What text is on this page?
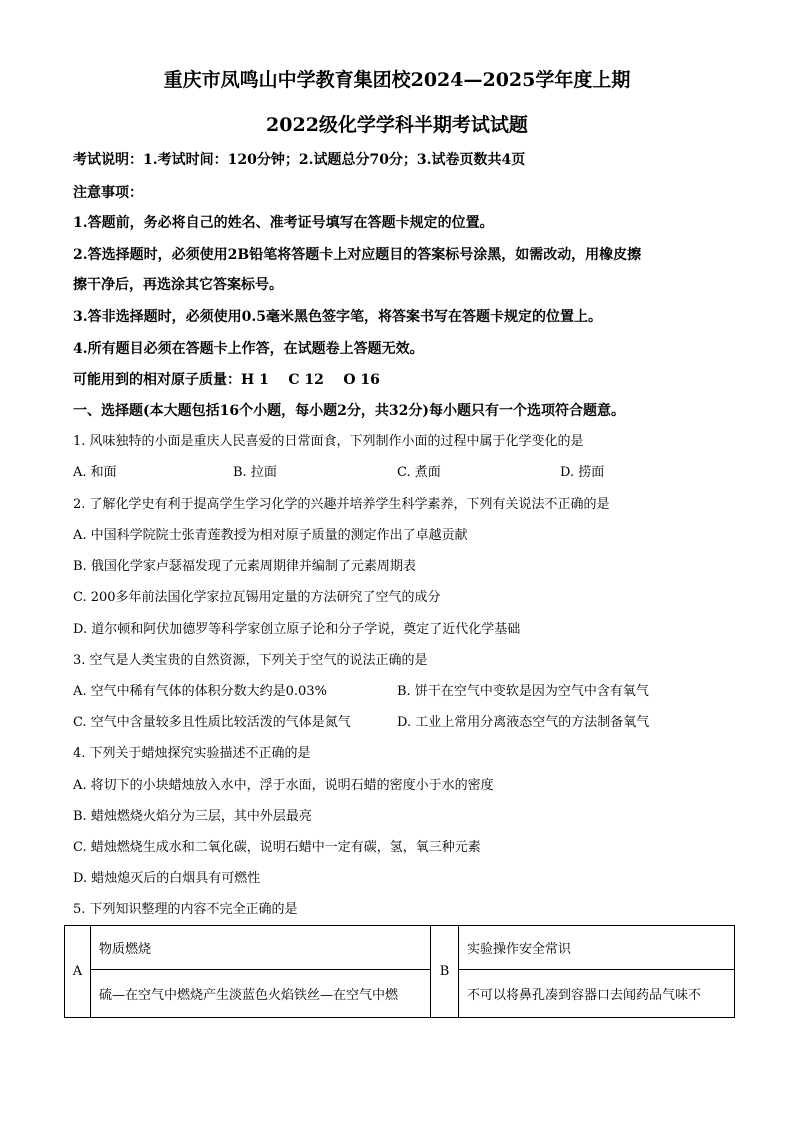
重庆市凤鸣山中学教育集团校2024—2025学年度上期
2022级化学学科半期考试试题
考试说明：1.考试时间：120分钟；2.试题总分70分；3.试卷页数共4页
注意事项：
1.答题前，务必将自己的姓名、准考证号填写在答题卡规定的位置。
2.答选择题时，必须使用2B铅笔将答题卡上对应题目的答案标号涂黑，如需改动，用橡皮擦
擦干净后，再选涂其它答案标号。
3.答非选择题时，必须使用0.5毫米黑色签字笔，将答案书写在答题卡规定的位置上。
4.所有题目必须在答题卡上作答，在试题卷上答题无效。
可能用到的相对原子质量：H 1    C 12    O 16
一、选择题(本大题包括16个小题，每小题2分，共32分)每小题只有一个选项符合题意。
1. 风味独特的小面是重庆人民喜爱的日常面食，下列制作小面的过程中属于化学变化的是
A. 和面	B. 拉面	C. 煮面	D. 捞面
2. 了解化学史有利于提高学生学习化学的兴趣并培养学生科学素养，下列有关说法不正确的是
A. 中国科学院院士张青莲教授为相对原子质量的测定作出了卓越贡献
B. 俄国化学家卢瑟福发现了元素周期律并编制了元素周期表
C. 200多年前法国化学家拉瓦锡用定量的方法研究了空气的成分
D. 道尔顿和阿伏加德罗等科学家创立原子论和分子学说，奠定了近代化学基础
3. 空气是人类宝贵的自然资源，下列关于空气的说法正确的是
A. 空气中稀有气体的体积分数大约是0.03%	B. 饼干在空气中变软是因为空气中含有氧气
C. 空气中含量较多且性质比较活泼的气体是氮气	D. 工业上常用分离液态空气的方法制备氧气
4. 下列关于蜡烛探究实验描述不正确的是
A. 将切下的小块蜡烛放入水中，浮于水面，说明石蜡的密度小于水的密度
B. 蜡烛燃烧火焰分为三层，其中外层最亮
C. 蜡烛燃烧生成水和二氧化碳，说明石蜡中一定有碳，氢，氧三种元素
D. 蜡烛熄灭后的白烟具有可燃性
5. 下列知识整理的内容不完全正确的是
A	物质燃烧	B	实验操作安全常识
	硫—在空气中燃烧产生淡蓝色火焰铁丝—在空气中燃		不可以将鼻孔凑到容器口去闻药品气味不
